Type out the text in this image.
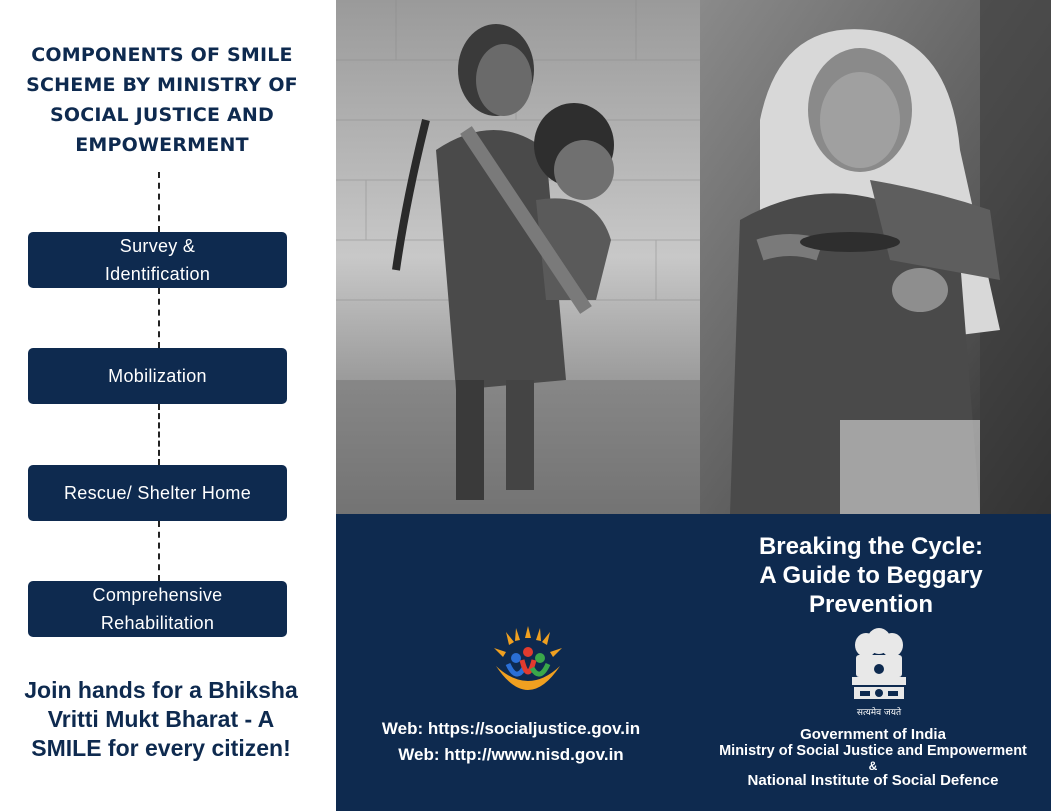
COMPONENTS OF SMILE SCHEME BY MINISTRY OF SOCIAL JUSTICE AND EMPOWERMENT
Survey & Identification
Mobilization
Rescue/ Shelter Home
Comprehensive Rehabilitation
Join hands for a Bhiksha Vritti Mukt Bharat - A SMILE for every citizen!
Breaking the Cycle:
A Guide to Beggary
Prevention
सत्यमेव जयते
Web: https://socialjustice.gov.in
Web: http://www.nisd.gov.in
Government of India
Ministry of Social Justice and Empowerment
&
National Institute of Social Defence
